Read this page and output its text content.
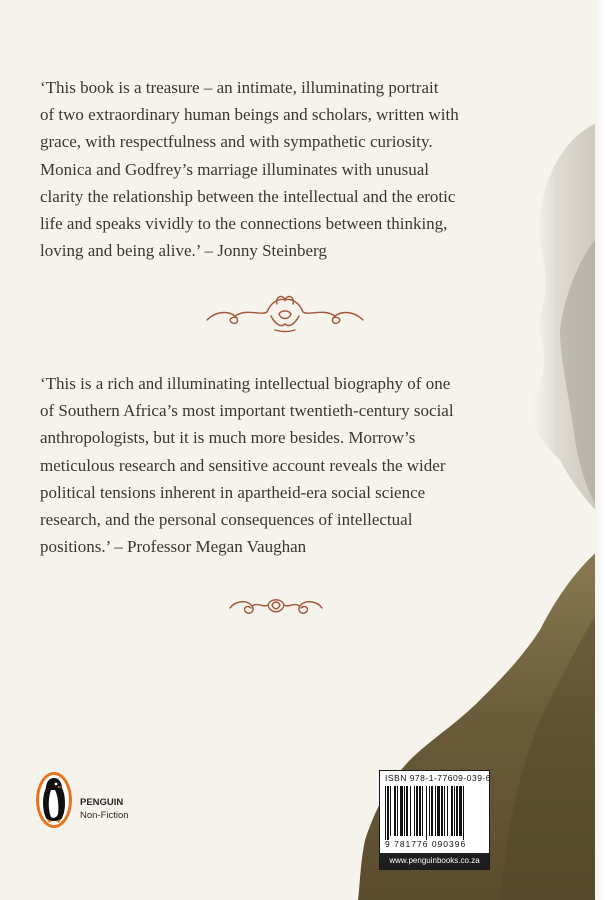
‘This book is a treasure – an intimate, illuminating portrait
of two extraordinary human beings and scholars, written with
grace, with respectfulness and with sympathetic curiosity.
Monica and Godfrey’s marriage illuminates with unusual
clarity the relationship between the intellectual and the erotic
life and speaks vividly to the connections between thinking,
loving and being alive.’ – Jonny Steinberg
‘This is a rich and illuminating intellectual biography of one
of Southern Africa’s most important twentieth-century social
anthropologists, but it is much more besides. Morrow’s
meticulous research and sensitive account reveals the wider
political tensions inherent in apartheid-era social science
research, and the personal consequences of intellectual
positions.’ – Professor Megan Vaughan
PENGUIN
Non-Fiction
ISBN 978-1-77609-039-6
9 781776 090396
www.penguinbooks.co.za
